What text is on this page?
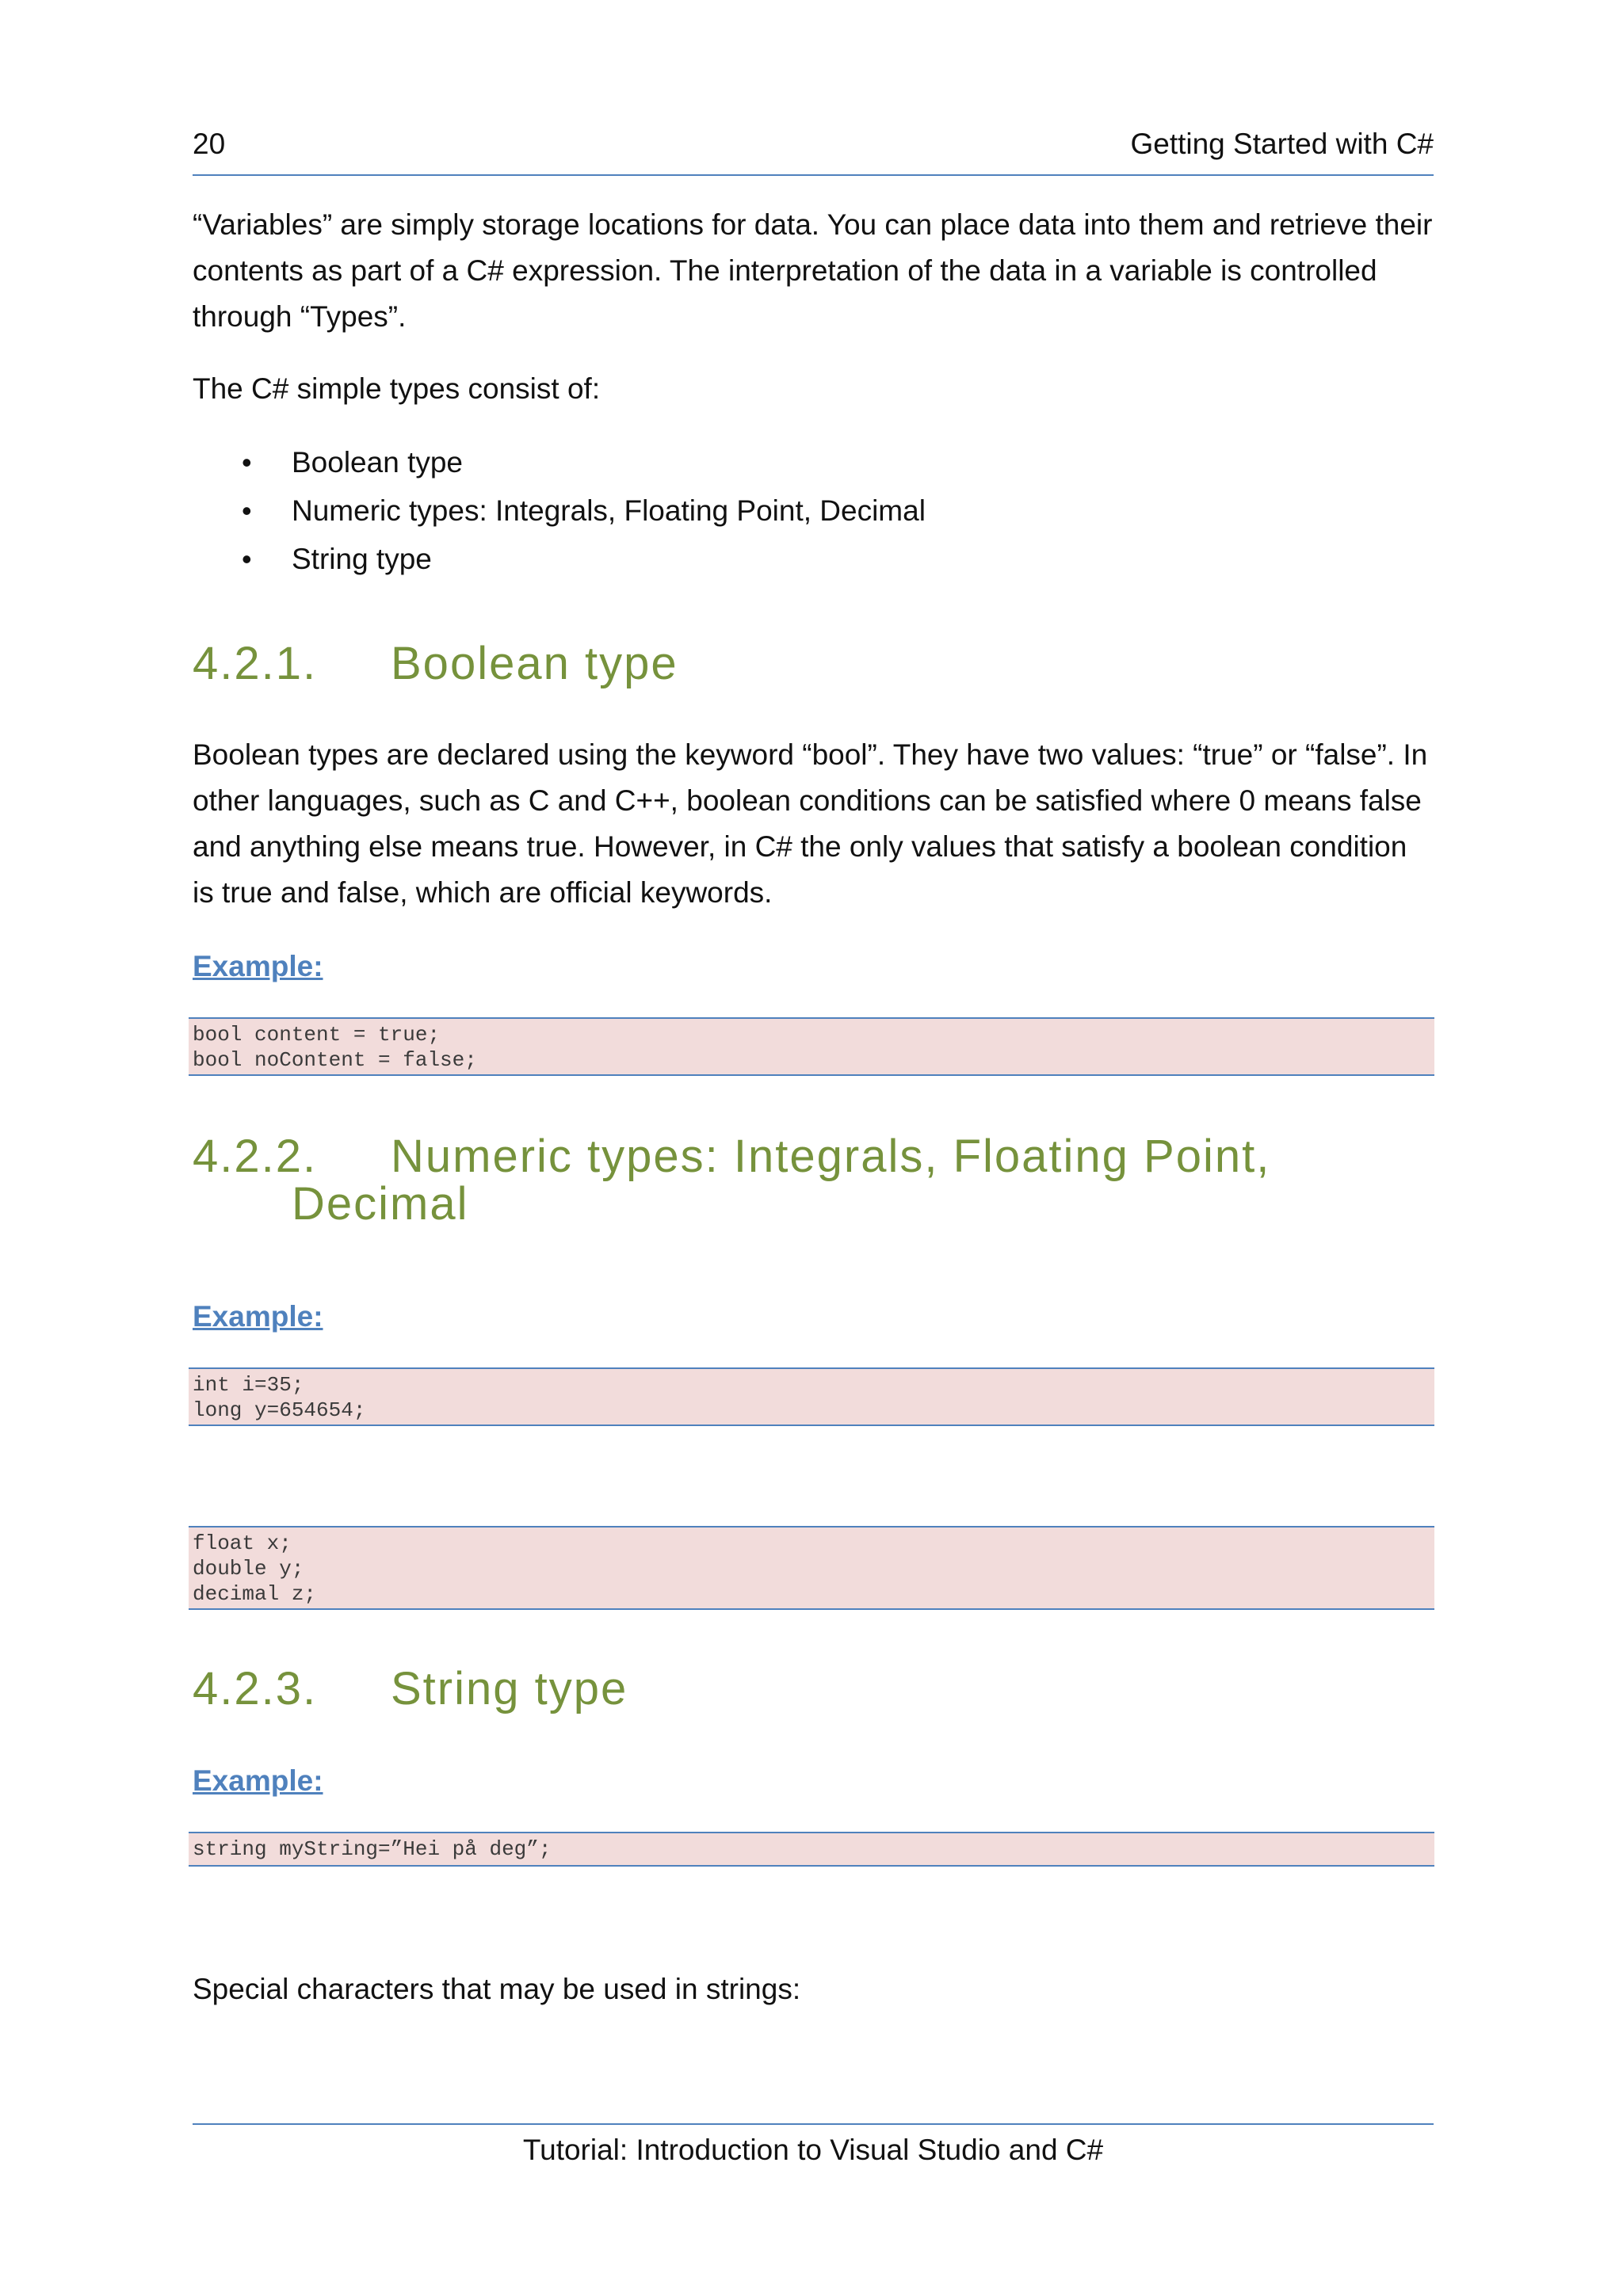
20	Getting Started with C#

“Variables” are simply storage locations for data. You can place data into them and retrieve their contents as part of a C# expression. The interpretation of the data in a variable is controlled through “Types”.

The C# simple types consist of:

• Boolean type
• Numeric types: Integrals, Floating Point, Decimal
• String type
4.2.1. Boolean type

Boolean types are declared using the keyword “bool”. They have two values: “true” or “false”. In other languages, such as C and C++, boolean conditions can be satisfied where 0 means false and anything else means true. However, in C# the only values that satisfy a boolean condition is true and false, which are official keywords.

Example:
bool content = true;
bool noContent = false;
4.2.2. Numeric types: Integrals, Floating Point,
Decimal
Example:
int i=35;
long y=654654;
float x;
double y;
decimal z;
4.2.3. String type
Example:
string myString=”Hei på deg”;

Special characters that may be used in strings:

Tutorial: Introduction to Visual Studio and C#
